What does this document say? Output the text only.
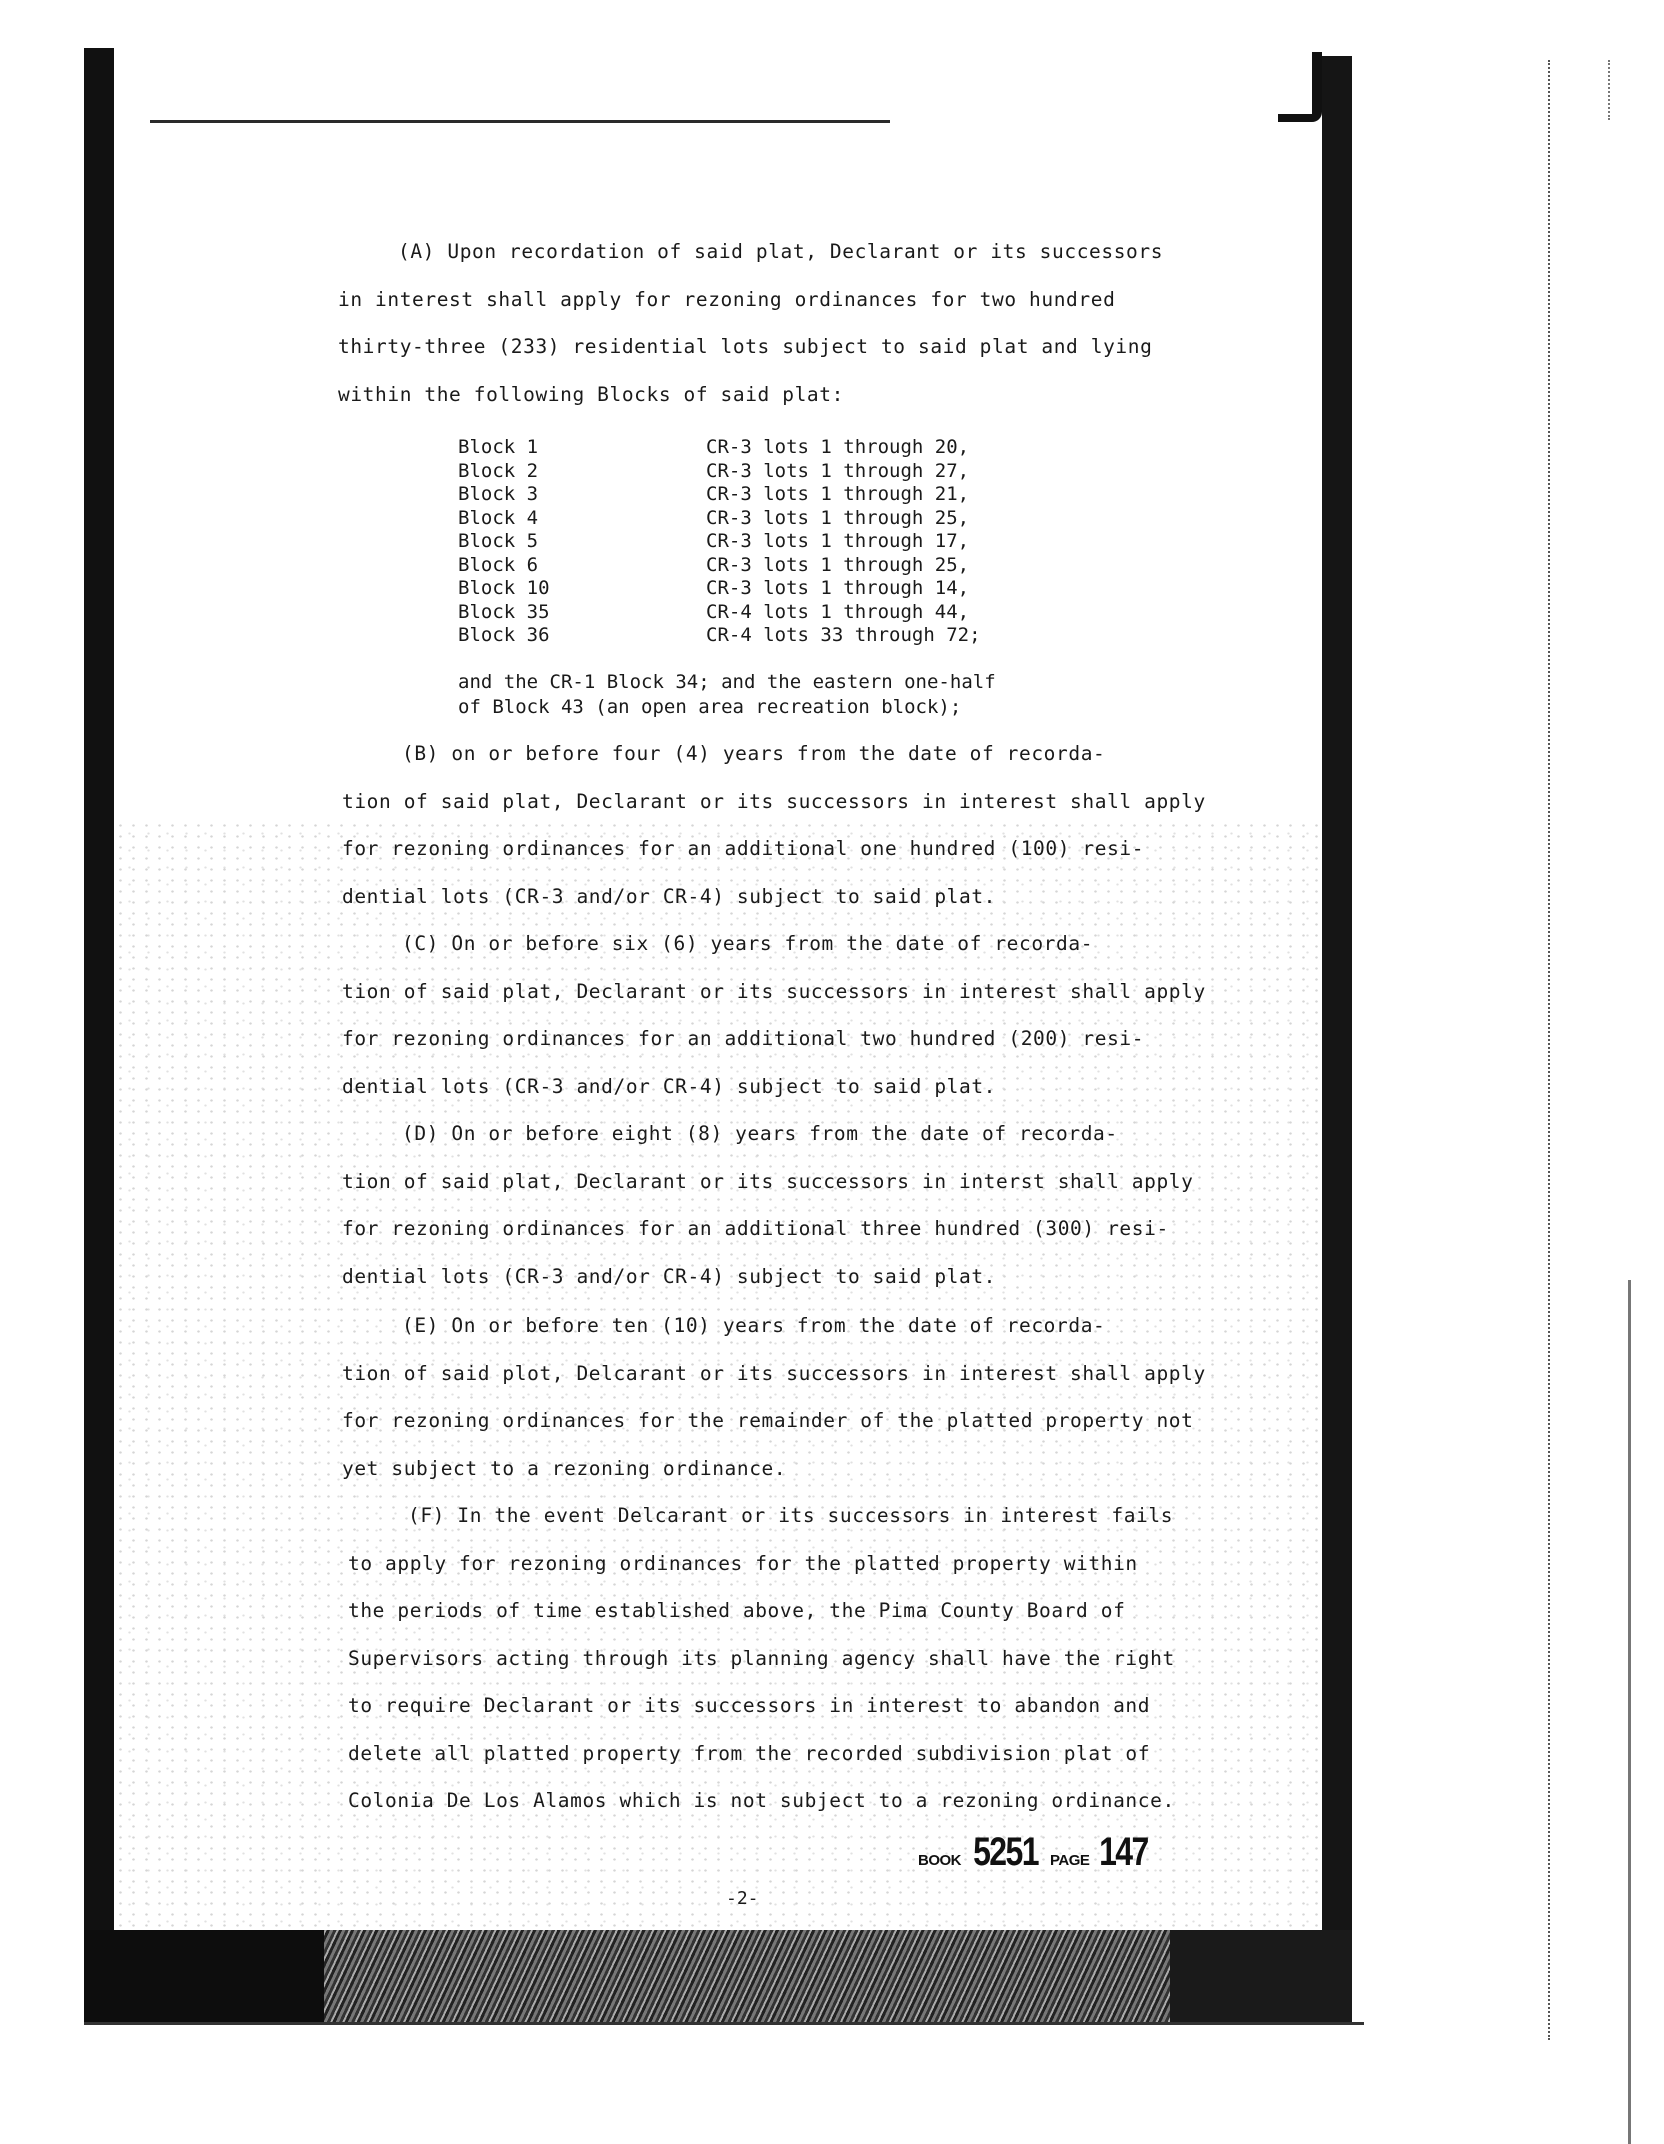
(A) Upon recordation of said plat, Declarant or its successors

in interest shall apply for rezoning ordinances for two hundred

thirty-three (233) residential lots subject to said plat and lying

within the following Blocks of said plat:

Block 1	CR-3 lots 1 through 20,
Block 2	CR-3 lots 1 through 27,
Block 3	CR-3 lots 1 through 21,
Block 4	CR-3 lots 1 through 25,
Block 5	CR-3 lots 1 through 17,
Block 6	CR-3 lots 1 through 25,
Block 10	CR-3 lots 1 through 14,
Block 35	CR-4 lots 1 through 44,
Block 36	CR-4 lots 33 through 72;

and the CR-1 Block 34; and the eastern one-half

of Block 43 (an open area recreation block);

(B) on or before four (4) years from the date of recorda-

tion of said plat, Declarant or its successors in interest shall apply

for rezoning ordinances for an additional one hundred (100) resi-

dential lots (CR-3 and/or CR-4) subject to said plat.

(C) On or before six (6) years from the date of recorda-

tion of said plat, Declarant or its successors in interest shall apply

for rezoning ordinances for an additional two hundred (200) resi-

dential lots (CR-3 and/or CR-4) subject to said plat.

(D) On or before eight (8) years from the date of recorda-

tion of said plat, Declarant or its successors in interst shall apply

for rezoning ordinances for an additional three hundred (300) resi-

dential lots (CR-3 and/or CR-4) subject to said plat.

(E) On or before ten (10) years from the date of recorda-

tion of said plot, Delcarant or its successors in interest shall apply

for rezoning ordinances for the remainder of the platted property not

yet subject to a rezoning ordinance.

(F) In the event Delcarant or its successors in interest fails

to apply for rezoning ordinances for the platted property within

the periods of time established above, the Pima County Board of

Supervisors acting through its planning agency shall have the right

to require Declarant or its successors in interest to abandon and

delete all platted property from the recorded subdivision plat of

Colonia De Los Alamos which is not subject to a rezoning ordinance.

BOOK 5251 PAGE 147
-2-
